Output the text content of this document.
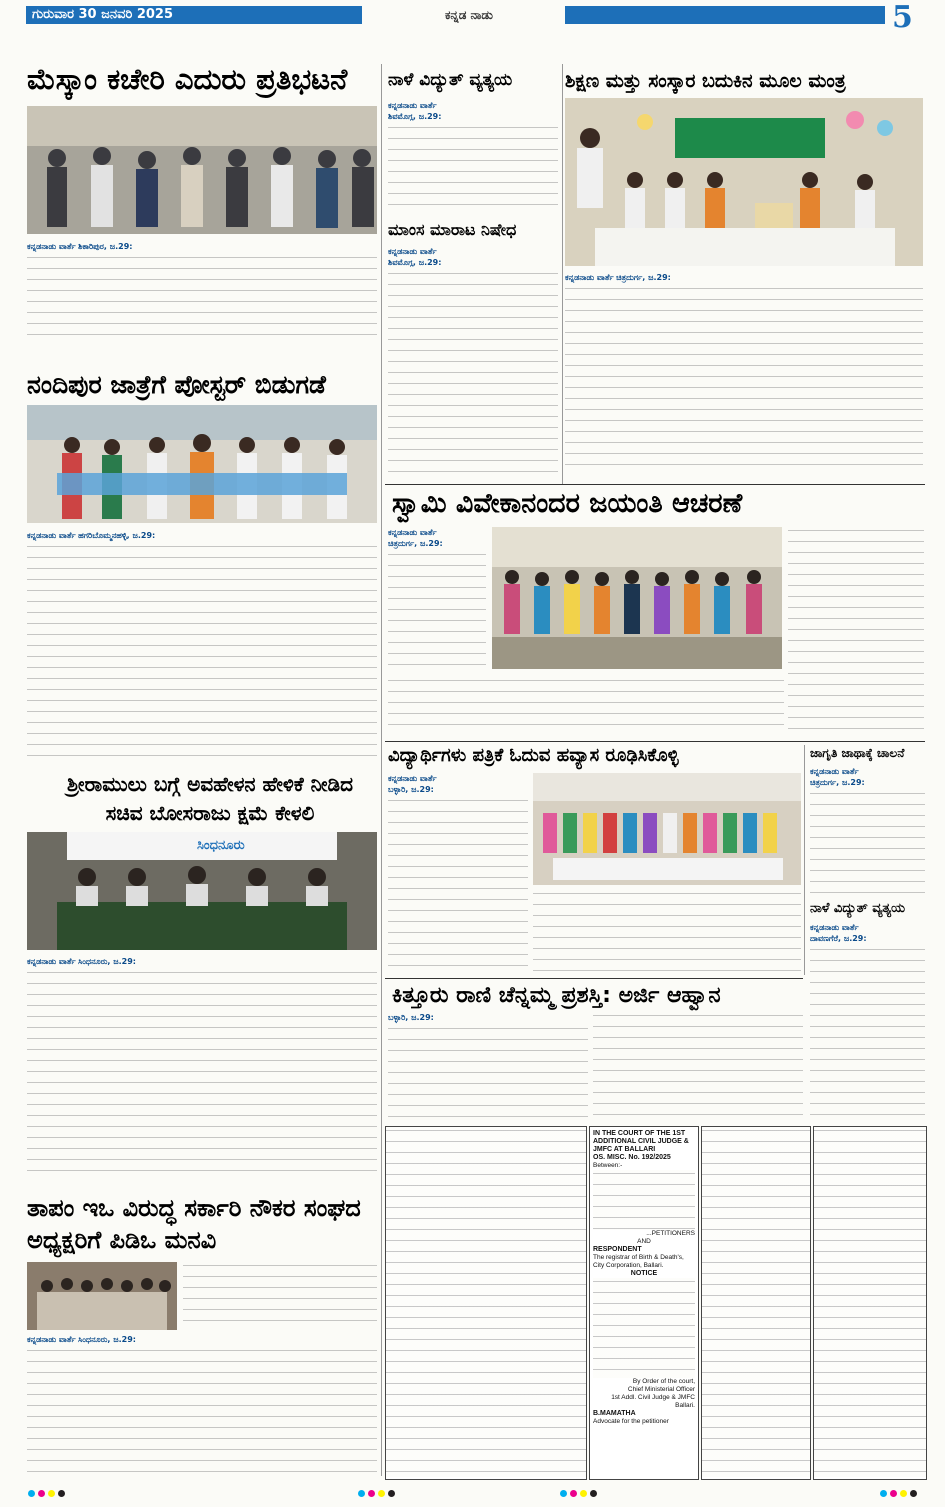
ಗುರುವಾರ 30 ಜನವರಿ 2025	ಕನ್ನಡ ನಾಡು	5
ಮೆಸ್ಕಾಂ ಕಚೇರಿ ಎದುರು ಪ್ರತಿಭಟನೆ
ಕನ್ನಡನಾಡು ವಾರ್ತೆ ಶಿಕಾರಿಪುರ, ಜ.29:
ನಂದಿಪುರ ಜಾತ್ರೆಗೆ ಪೋಸ್ಟರ್ ಬಿಡುಗಡೆ
ಕನ್ನಡನಾಡು ವಾರ್ತೆ ಹಗರಿಬೊಮ್ಮನಹಳ್ಳಿ, ಜ.29:
ಶ್ರೀರಾಮುಲು ಬಗ್ಗೆ ಅವಹೇಳನ ಹೇಳಿಕೆ ನೀಡಿದ ಸಚಿವ ಬೋಸರಾಜು ಕ್ಷಮೆ ಕೇಳಲಿ
ಸಿಂಧನೂರು
ಕನ್ನಡನಾಡು ವಾರ್ತೆ ಸಿಂಧನೂರು, ಜ.29:
ತಾಪಂ ಇಒ ವಿರುದ್ಧ ಸರ್ಕಾರಿ ನೌಕರ ಸಂಘದ ಅಧ್ಯಕ್ಷರಿಗೆ ಪಿಡಿಒ ಮನವಿ
ಕನ್ನಡನಾಡು ವಾರ್ತೆ ಸಿಂಧನೂರು, ಜ.29:
ನಾಳೆ ವಿದ್ಯುತ್ ವ್ಯತ್ಯಯ
ಕನ್ನಡನಾಡು ವಾರ್ತೆ
ಶಿವಮೊಗ್ಗ, ಜ.29:
ಮಾಂಸ ಮಾರಾಟ ನಿಷೇಧ
ಕನ್ನಡನಾಡು ವಾರ್ತೆ
ಶಿವಮೊಗ್ಗ, ಜ.29:
ಶಿಕ್ಷಣ ಮತ್ತು ಸಂಸ್ಕಾರ ಬದುಕಿನ ಮೂಲ ಮಂತ್ರ
ಕನ್ನಡನಾಡು ವಾರ್ತೆ ಚಿತ್ರದುರ್ಗ, ಜ.29:
ಸ್ವಾಮಿ ವಿವೇಕಾನಂದರ ಜಯಂತಿ ಆಚರಣೆ
ಕನ್ನಡನಾಡು ವಾರ್ತೆ
ಚಿತ್ರದುರ್ಗ, ಜ.29:
ವಿದ್ಯಾರ್ಥಿಗಳು ಪತ್ರಿಕೆ ಓದುವ ಹವ್ಯಾಸ ರೂಢಿಸಿಕೊಳ್ಳಿ
ಕನ್ನಡನಾಡು ವಾರ್ತೆ
ಬಳ್ಳಾರಿ, ಜ.29:
ಜಾಗೃತಿ ಜಾಥಾಕ್ಕೆ ಚಾಲನೆ
ಕನ್ನಡನಾಡು ವಾರ್ತೆ
ಚಿತ್ರದುರ್ಗ, ಜ.29:
ನಾಳೆ ವಿದ್ಯುತ್ ವ್ಯತ್ಯಯ
ಕನ್ನಡನಾಡು ವಾರ್ತೆ
ದಾವಣಗೆರೆ, ಜ.29:
ಕಿತ್ತೂರು ರಾಣಿ ಚೆನ್ನಮ್ಮ ಪ್ರಶಸ್ತಿ: ಅರ್ಜಿ ಆಹ್ವಾನ
ಬಳ್ಳಾರಿ, ಜ.29:
IN THE COURT OF THE 1ST ADDITIONAL CIVIL JUDGE & JMFC AT BALLARI
OS. MISC. No. 192/2025
Between:-
...PETITIONERS
AND
RESPONDENT
The registrar of Birth & Death's, City Corporation, Ballari.

NOTICE
By Order of the court,
Chief Ministerial Officer
1st Addl. Civil Judge & JMFC Ballari.
B.MAMATHA
Advocate for the petitioner
